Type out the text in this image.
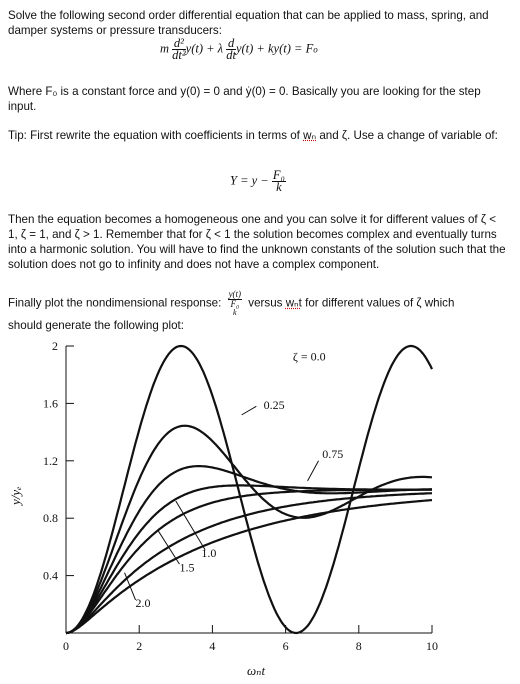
Solve the following second order differential equation that can be applied to mass, spring, and damper systems or pressure transducers:

m $\frac{\text{d²}}{\text{dt²}} y(t) + \lambda \frac{d}{dt} y(t) + ky(t) = Fo$

Where F₀ is a constant force and y(0) = 0 and ẏ(0) = 0. Basically you are looking for the step input.

Tip: First rewrite the equation with coefficients in terms of wₙ and ζ. Use a change of variable of:

$Y = y - \frac{\text{F₀}}{k}$

Then the equation becomes a homogeneous one and you can solve it for different values of ζ < 1, ζ = 1, and ζ > 1. Remember that for ζ < 1 the solution becomes complex and eventually turns into a harmonic solution. You will have to find the unknown constants of the solution such that the solution does not go to infinity and does not have a complex component.

Finally plot the nondimensional response:
y(t)
F₀
k
versus wₙt for different values of ζ which

should generate the following plot:

0	2	4	6	8	10
0.4
0.8
1.2
1.6
2
ζ = 0.0
0.25
0.75
1.0
1.5
2.0
ωₙt
y/yₑ
